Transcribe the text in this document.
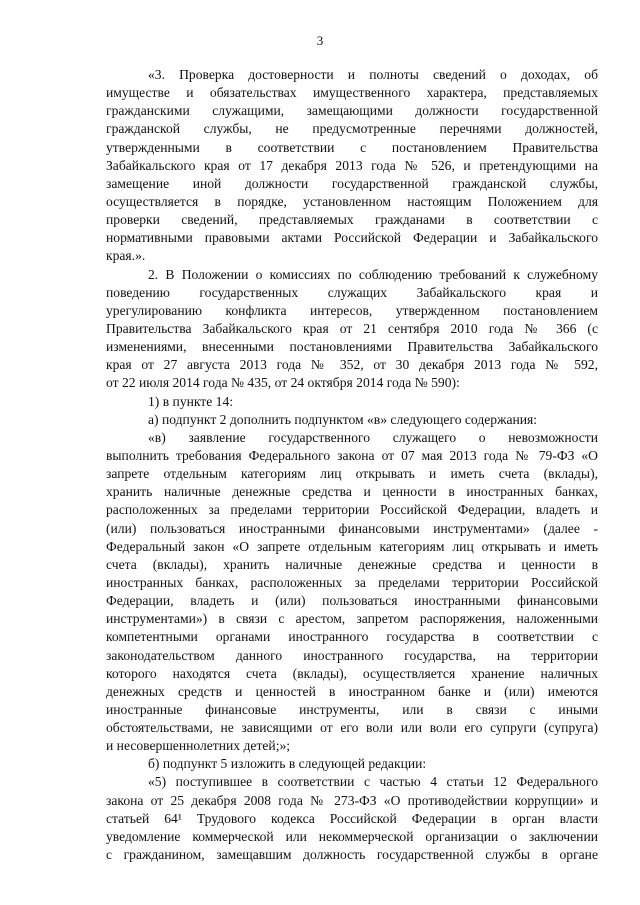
3
«3. Проверка достоверности и полноты сведений о доходах, об
имуществе и обязательствах имущественного характера, представляемых
гражданскими служащими, замещающими должности государственной
гражданской службы, не предусмотренные перечнями должностей,
утвержденными в соответствии с постановлением Правительства
Забайкальского края от 17 декабря 2013 года № 526, и претендующими на
замещение иной должности государственной гражданской службы,
осуществляется в порядке, установленном настоящим Положением для
проверки сведений, представляемых гражданами в соответствии с
нормативными правовыми актами Российской Федерации и Забайкальского
края.».
2. В Положении о комиссиях по соблюдению требований к служебному
поведению государственных служащих Забайкальского края и
урегулированию конфликта интересов, утвержденном постановлением
Правительства Забайкальского края от 21 сентября 2010 года № 366 (с
изменениями, внесенными постановлениями Правительства Забайкальского
края от 27 августа 2013 года № 352, от 30 декабря 2013 года № 592,
от 22 июля 2014 года № 435, от 24 октября 2014 года № 590):
1) в пункте 14:
а) подпункт 2 дополнить подпунктом «в» следующего содержания:
«в) заявление государственного служащего о невозможности
выполнить требования Федерального закона от 07 мая 2013 года № 79-ФЗ «О
запрете отдельным категориям лиц открывать и иметь счета (вклады),
хранить наличные денежные средства и ценности в иностранных банках,
расположенных за пределами территории Российской Федерации, владеть и
(или) пользоваться иностранными финансовыми инструментами» (далее -
Федеральный закон «О запрете отдельным категориям лиц открывать и иметь
счета (вклады), хранить наличные денежные средства и ценности в
иностранных банках, расположенных за пределами территории Российской
Федерации, владеть и (или) пользоваться иностранными финансовыми
инструментами») в связи с арестом, запретом распоряжения, наложенными
компетентными органами иностранного государства в соответствии с
законодательством данного иностранного государства, на территории
которого находятся счета (вклады), осуществляется хранение наличных
денежных средств и ценностей в иностранном банке и (или) имеются
иностранные финансовые инструменты, или в связи с иными
обстоятельствами, не зависящими от его воли или воли его супруги (супруга)
и несовершеннолетних детей;»;
б) подпункт 5 изложить в следующей редакции:
«5) поступившее в соответствии с частью 4 статьи 12 Федерального
закона от 25 декабря 2008 года № 273-ФЗ «О противодействии коррупции» и
статьей 64¹ Трудового кодекса Российской Федерации в орган власти
уведомление коммерческой или некоммерческой организации о заключении
с гражданином, замещавшим должность государственной службы в органе
